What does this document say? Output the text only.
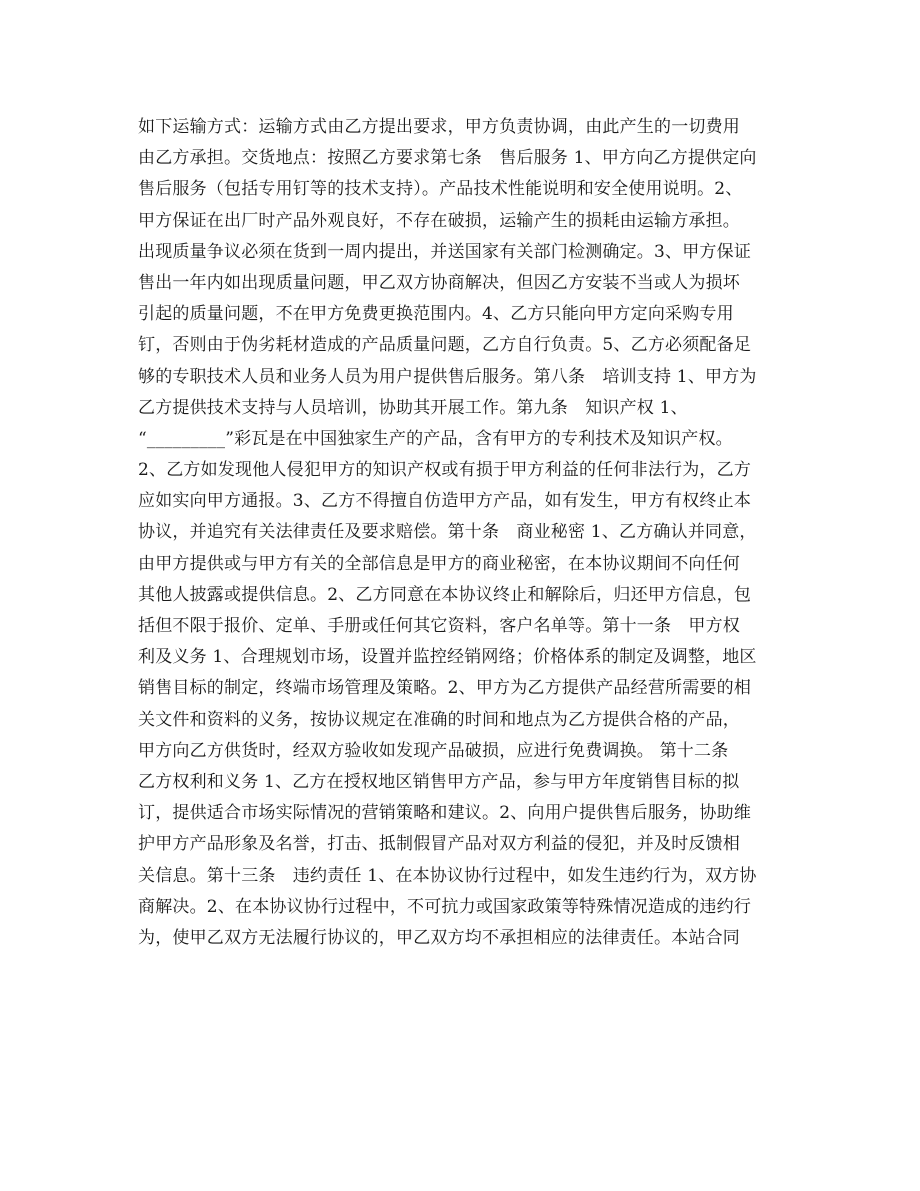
如下运输方式：运输方式由乙方提出要求，甲方负责协调，由此产生的一切费用
由乙方承担。交货地点：按照乙方要求第七条　售后服务 1、甲方向乙方提供定向
售后服务（包括专用钉等的技术支持）。产品技术性能说明和安全使用说明。2、
甲方保证在出厂时产品外观良好，不存在破损，运输产生的损耗由运输方承担。
出现质量争议必须在货到一周内提出，并送国家有关部门检测确定。3、甲方保证
售出一年内如出现质量问题，甲乙双方协商解决，但因乙方安装不当或人为损坏
引起的质量问题，不在甲方免费更换范围内。4、乙方只能向甲方定向采购专用
钉，否则由于伪劣耗材造成的产品质量问题，乙方自行负责。5、乙方必须配备足
够的专职技术人员和业务人员为用户提供售后服务。第八条　培训支持 1、甲方为
乙方提供技术支持与人员培训，协助其开展工作。第九条　知识产权 1、
“_________”彩瓦是在中国独家生产的产品，含有甲方的专利技术及知识产权。
2、乙方如发现他人侵犯甲方的知识产权或有损于甲方利益的任何非法行为，乙方
应如实向甲方通报。3、乙方不得擅自仿造甲方产品，如有发生，甲方有权终止本
协议，并追究有关法律责任及要求赔偿。第十条　商业秘密 1、乙方确认并同意，
由甲方提供或与甲方有关的全部信息是甲方的商业秘密，在本协议期间不向任何
其他人披露或提供信息。2、乙方同意在本协议终止和解除后，归还甲方信息，包
括但不限于报价、定单、手册或任何其它资料，客户名单等。第十一条　甲方权
利及义务 1、合理规划市场，设置并监控经销网络；价格体系的制定及调整，地区
销售目标的制定，终端市场管理及策略。2、甲方为乙方提供产品经营所需要的相
关文件和资料的义务，按协议规定在准确的时间和地点为乙方提供合格的产品，
甲方向乙方供货时，经双方验收如发现产品破损，应进行免费调换。 第十二条
乙方权利和义务 1、乙方在授权地区销售甲方产品，参与甲方年度销售目标的拟
订，提供适合市场实际情况的营销策略和建议。2、向用户提供售后服务，协助维
护甲方产品形象及名誉，打击、抵制假冒产品对双方利益的侵犯，并及时反馈相
关信息。第十三条　违约责任 1、在本协议协行过程中，如发生违约行为，双方协
商解决。2、在本协议协行过程中，不可抗力或国家政策等特殊情况造成的违约行
为，使甲乙双方无法履行协议的，甲乙双方均不承担相应的法律责任。本站合同
